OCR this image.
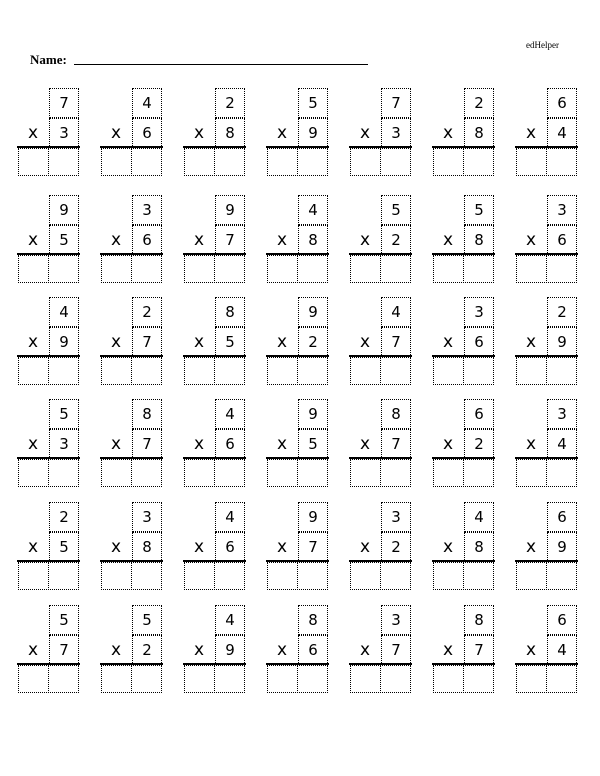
edHelper
Name:
7
x	3
4
x	6
2
x	8
5
x	9
7
x	3
2
x	8
6
x	4
9
x	5
3
x	6
9
x	7
4
x	8
5
x	2
5
x	8
3
x	6
4
x	9
2
x	7
8
x	5
9
x	2
4
x	7
3
x	6
2
x	9
5
x	3
8
x	7
4
x	6
9
x	5
8
x	7
6
x	2
3
x	4
2
x	5
3
x	8
4
x	6
9
x	7
3
x	2
4
x	8
6
x	9
5
x	7
5
x	2
4
x	9
8
x	6
3
x	7
8
x	7
6
x	4
